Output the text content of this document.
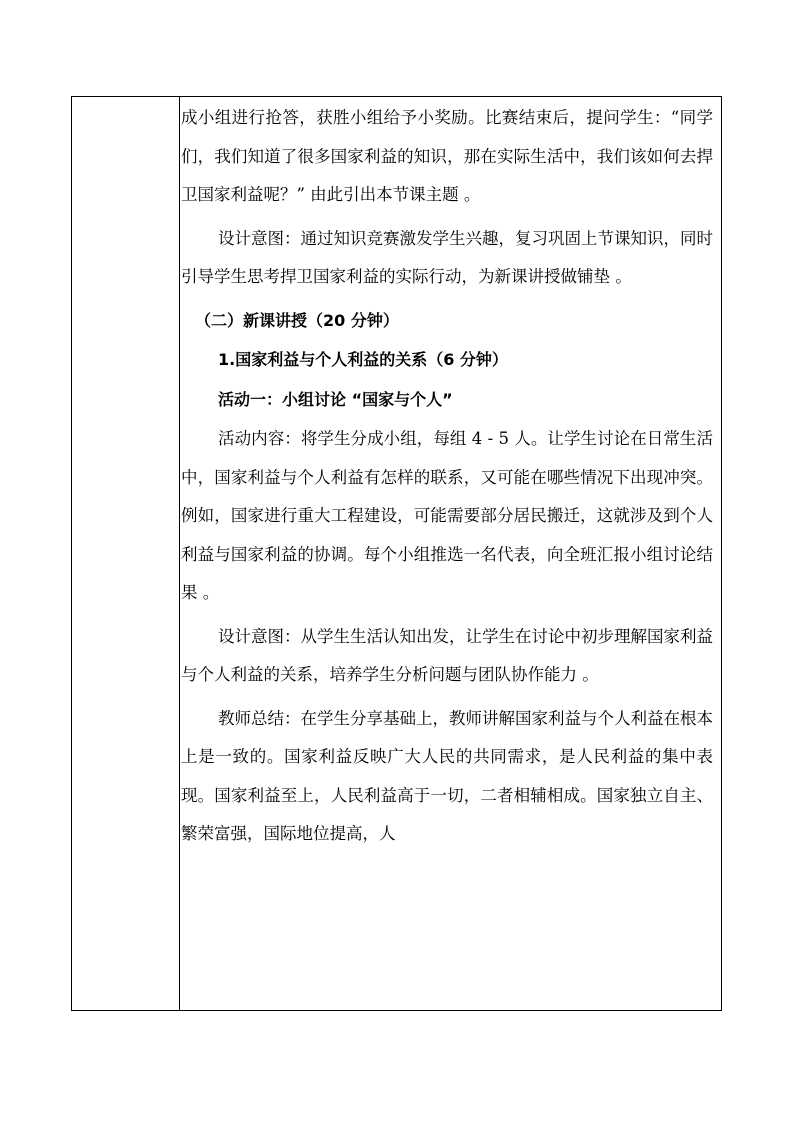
成小组进行抢答，获胜小组给予小奖励。比赛结束后，提问学生：“同学们，我们知道了很多国家利益的知识，那在实际生活中，我们该如何去捍卫国家利益呢？” 由此引出本节课主题 。

设计意图：通过知识竞赛激发学生兴趣，复习巩固上节课知识，同时引导学生思考捍卫国家利益的实际行动，为新课讲授做铺垫 。

（二）新课讲授（20 分钟）

1.国家利益与个人利益的关系（6 分钟）

活动一：小组讨论 “国家与个人”

活动内容：将学生分成小组，每组 4 - 5 人。让学生讨论在日常生活中，国家利益与个人利益有怎样的联系，又可能在哪些情况下出现冲突。例如，国家进行重大工程建设，可能需要部分居民搬迁，这就涉及到个人利益与国家利益的协调。每个小组推选一名代表，向全班汇报小组讨论结果 。

设计意图：从学生生活认知出发，让学生在讨论中初步理解国家利益与个人利益的关系，培养学生分析问题与团队协作能力 。

教师总结：在学生分享基础上，教师讲解国家利益与个人利益在根本上是一致的。国家利益反映广大人民的共同需求，是人民利益的集中表现。国家利益至上，人民利益高于一切，二者相辅相成。国家独立自主、繁荣富强，国际地位提高，人
